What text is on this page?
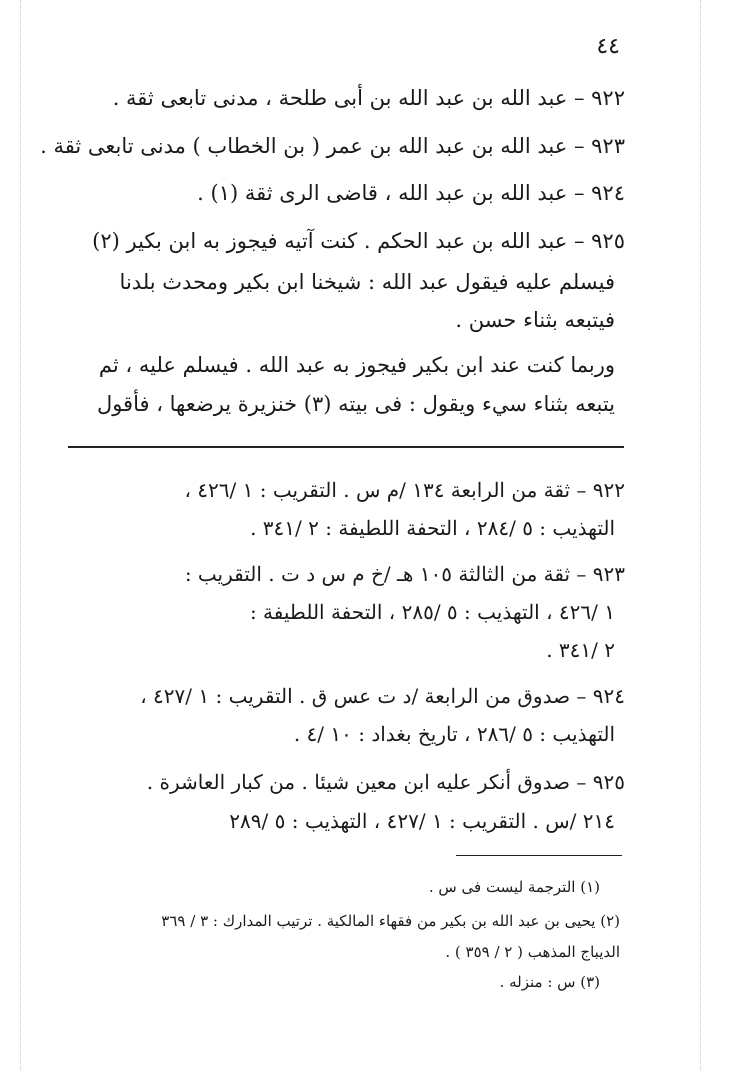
٤٤
٩٢٢ – عبد الله بن عبد الله بن أبى طلحة ، مدنى تابعى ثقة .
٩٢٣ – عبد الله بن عبد الله بن عمر ( بن الخطاب ) مدنى تابعى ثقة .
٩٢٤ – عبد الله بن عبد الله ، قاضى الرى ثقة (١) .
٩٢٥ – عبد الله بن عبد الحكم . كنت آتيه فيجوز به ابن بكير (٢)
فيسلم عليه فيقول عبد الله : شيخنا ابن بكير ومحدث بلدنا
فيتبعه بثناء حسن .
وربما كنت عند ابن بكير فيجوز به عبد الله . فيسلم عليه ، ثم
يتبعه بثناء سيء ويقول : فى بيته (٣) خنزيرة يرضعها ، فأقول
٩٢٢ – ثقة من الرابعة ١٣٤ /م س . التقريب : ١ /٤٢٦ ،
التهذيب : ٥ /٢٨٤ ، التحفة اللطيفة : ٢ /٣٤١ .
٩٢٣ – ثقة من الثالثة ١٠٥ هـ /خ م س د ت . التقريب :
١ /٤٢٦ ، التهذيب : ٥ /٢٨٥ ، التحفة اللطيفة :
٢ /٣٤١ .
٩٢٤ – صدوق من الرابعة /د ت عس ق . التقريب : ١ /٤٢٧ ،
التهذيب : ٥ /٢٨٦ ، تاريخ بغداد : ١٠ /٤ .
٩٢٥ – صدوق أنكر عليه ابن معين شيئا . من كبار العاشرة .
٢١٤ /س . التقريب : ١ /٤٢٧ ، التهذيب : ٥ /٢٨٩
(١) الترجمة ليست فى س .
(٢) يحيى بن عبد الله بن بكير من فقهاء المالكية . ترتيب المدارك : ٣ / ٣٦٩
الديباج المذهب ( ٢ / ٣٥٩ ) .
(٣) س : منزله .
